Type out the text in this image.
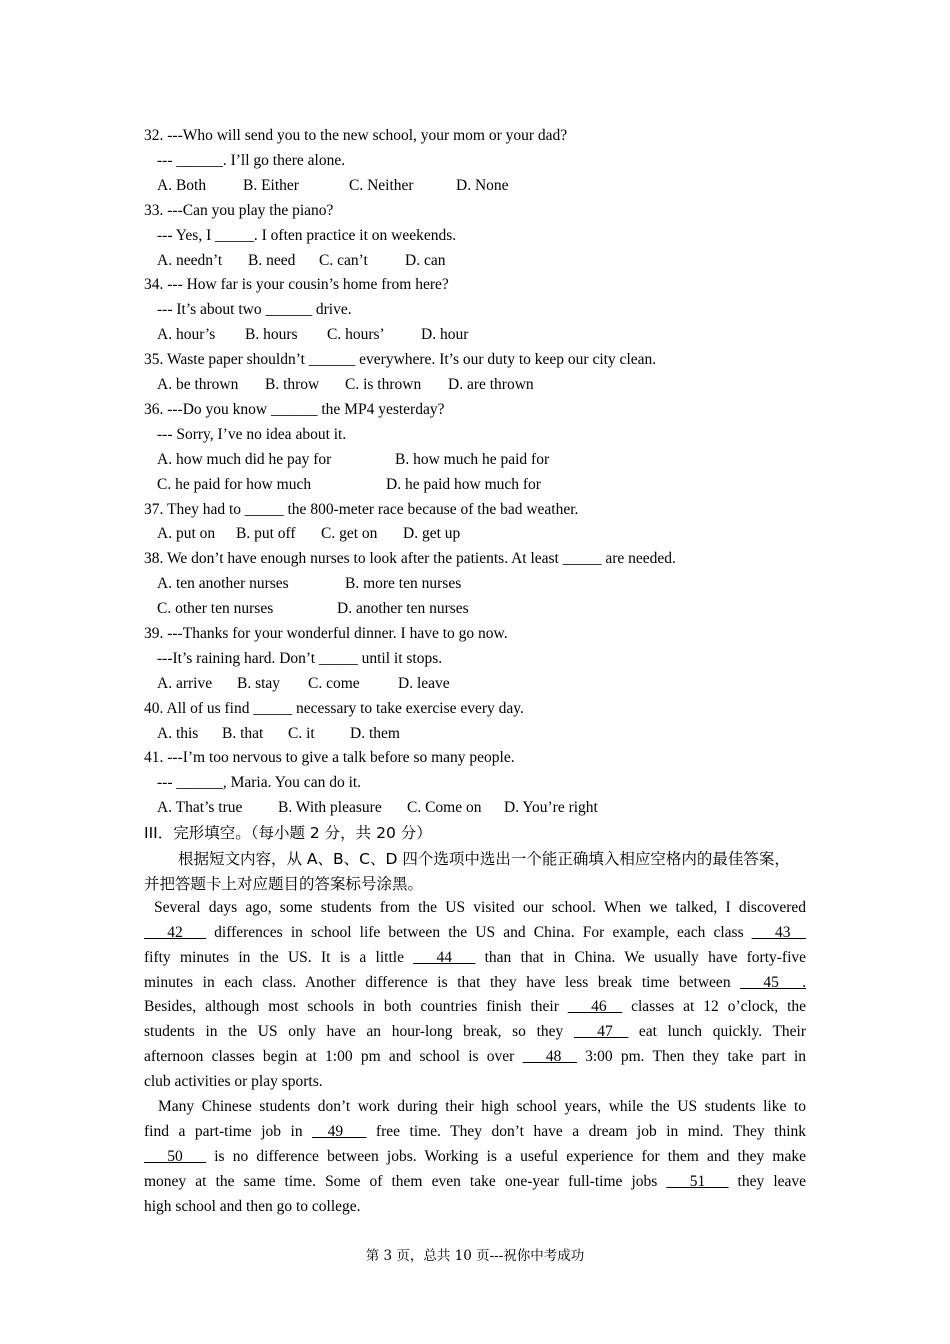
32. ---Who will send you to the new school, your mom or your dad?
--- ______. I’ll go there alone.

A. Both

B. Either

	C. Neither

	D. None

33. ---Can you play the piano?
--- Yes, I _____. I often practice it on weekends.

A. needn’t

B. need

C. can’t

D. can

34. --- How far is your cousin’s home from here?
--- It’s about two ______ drive.

A. hour’s

B. hours

C. hours’

D. hour

35. Waste paper shouldn’t ______ everywhere. It’s our duty to keep our city clean.

A. be thrown

B. throw

C. is thrown

D. are thrown

36. ---Do you know ______ the MP4 yesterday?
--- Sorry, I’ve no idea about it.

A. how much did he pay for

	B. how much he paid for

C. he paid for how much

	D. he paid how much for

37. They had to _____ the 800-meter race because of the bad weather.

A. put on

B. put off

C. get on

D. get up

38. We don’t have enough nurses to look after the patients. At least _____ are needed.

A. ten another nurses

	B. more ten nurses

C. other ten nurses

	D. another ten nurses

39. ---Thanks for your wonderful dinner. I have to go now.
---It’s raining hard. Don’t _____ until it stops.

A. arrive

B. stay

C. come

D. leave

40. All of us find _____ necessary to take exercise every day.

A. this

B. that

C. it

D. them

41. ---I’m too nervous to give a talk before so many people.
--- ______, Maria. You can do it.

A. That’s true

B. With pleasure

C. Come on

D. You’re right

III．完形填空。（每小题 2 分，共 20 分）
根据短文内容，从 A、B、C、D 四个选项中选出一个能正确填入相应空格内的最佳答案，
并把答题卡上对应题目的答案标号涂黑。
Several days ago, some students from the US visited our school. When we talked, I discovered
___42___ differences in school life between the US and China. For example, each class ___43__
fifty minutes in the US. It is a little ___44___ than that in China. We usually have forty-five
minutes in each class. Another difference is that they have less break time between ___45___.
Besides, although most schools in both countries finish their ___46__ classes at 12 o’clock, the
students in the US only have an hour-long break, so they ___47__ eat lunch quickly. Their
afternoon classes begin at 1:00 pm and school is over ___48__ 3:00 pm. Then they take part in
club activities or play sports.
Many Chinese students don’t work during their high school years, while the US students like to
find a part-time job in __49___ free time. They don’t have a dream job in mind. They think
___50___ is no difference between jobs. Working is a useful experience for them and they make
money at the same time. Some of them even take one-year full-time jobs ___51___ they leave
high school and then go to college.
第 3 页，总共 10 页---祝你中考成功
